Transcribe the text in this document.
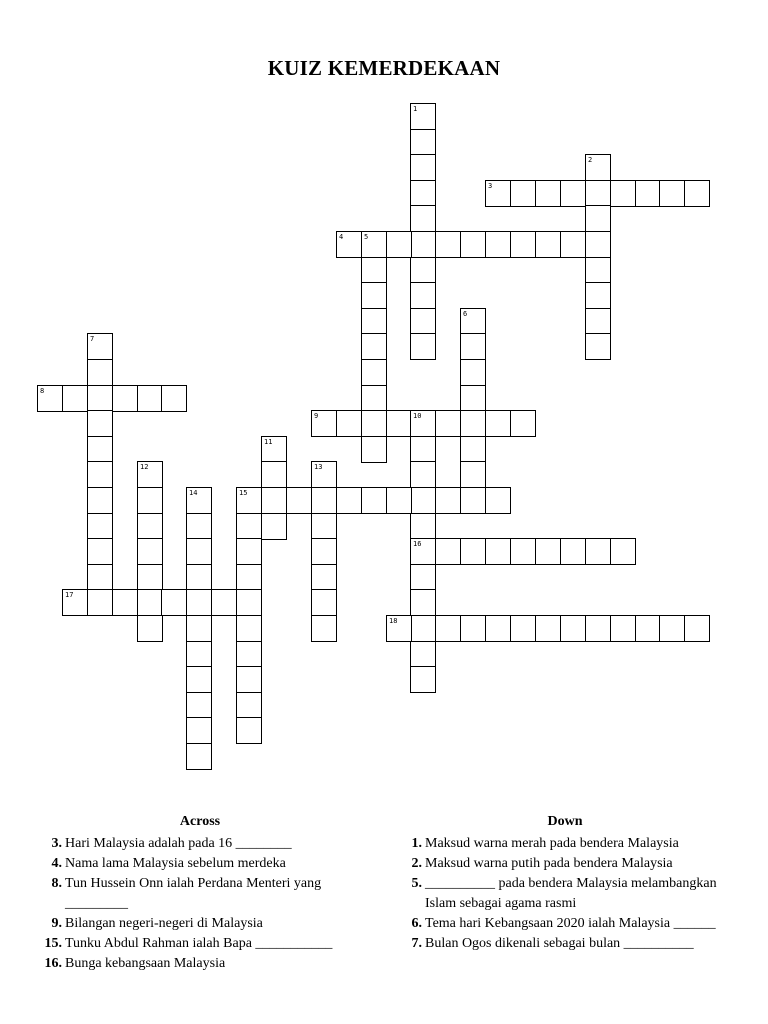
KUIZ KEMERDEKAAN
1
2
3
4	5
6
7
8
9	10
16
11
12	13
14	15
17
18
Across
3. Hari Malaysia adalah pada 16 ________
4. Nama lama Malaysia sebelum merdeka
8. Tun Hussein Onn ialah Perdana Menteri yang _________
9. Bilangan negeri-negeri di Malaysia
15. Tunku Abdul Rahman ialah Bapa ___________
16. Bunga kebangsaan Malaysia
Down
1. Maksud warna merah pada bendera Malaysia
2. Maksud warna putih pada bendera Malaysia
5. __________ pada bendera Malaysia melambangkan Islam sebagai agama rasmi
6. Tema hari Kebangsaan 2020 ialah Malaysia ______
7. Bulan Ogos dikenali sebagai bulan __________
